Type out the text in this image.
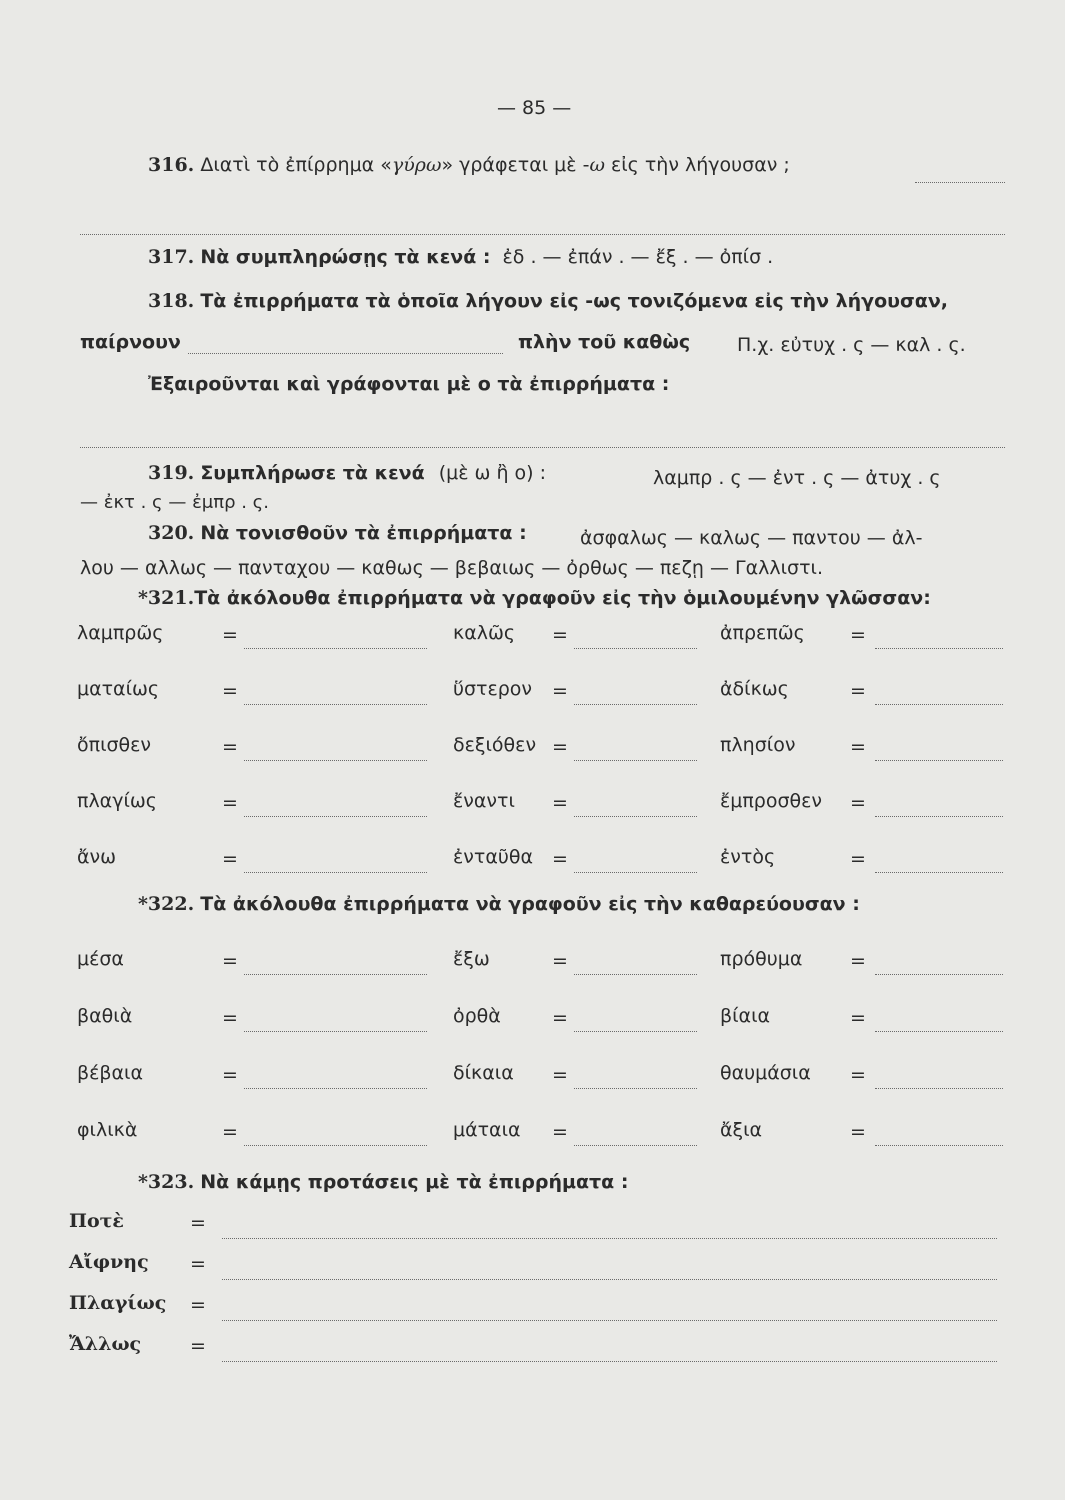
— 85 —
316. Διατὶ τὸ ἐπίρρημα «γύρω» γράφεται μὲ -ω εἰς τὴν λήγουσαν ;
317. Νὰ συμπληρώσῃς τὰ κενά : ἐδ . — ἐπάν . — ἔξ . — ὀπίσ .
318. Τὰ ἐπιρρήματα τὰ ὁποῖα λήγουν εἰς -ως τονιζόμενα εἰς τὴν λήγουσαν,
παίρνουν	πλὴν τοῦ καθὼς Π.χ. εὐτυχ . ς — καλ . ς.
Ἐξαιροῦνται καὶ γράφονται μὲ ο τὰ ἐπιρρήματα :
319. Συμπλήρωσε τὰ κενά (μὲ ω ἢ ο) :	λαμπρ . ς — ἐντ . ς — ἀτυχ . ς
— ἐκτ . ς — ἐμπρ . ς.
320. Νὰ τονισθοῦν τὰ ἐπιρρήματα :	ἀσφαλως — καλως — παντου — ἀλ-
λου — αλλως — πανταχου — καθως — βεβαιως — ὀρθως — πεζῃ — Γαλλιστι.
*321.Τὰ ἀκόλουθα ἐπιρρήματα νὰ γραφοῦν εἰς τὴν ὁμιλουμένην γλῶσσαν:
λαμπρῶς	=	καλῶς =	ἀπρεπῶς =
ματαίως	=	ὕστερον =	ἀδίκως	=
ὄπισθεν	=	δεξιόθεν =	πλησίον	=
πλαγίως	=	ἔναντι =	ἔμπροσθεν =
ἄνω	=	ἐνταῦθα =	ἐντὸς	=
*322. Τὰ ἀκόλουθα ἐπιρρήματα νὰ γραφοῦν εἰς τὴν καθαρεύουσαν :
μέσα	=	ἔξω	=	πρόθυμα	=
βαθιὰ	=	ὀρθὰ	=	βίαια	=
βέβαια	=	δίκαια =	θαυμάσια =
φιλικὰ	=	μάταια =	ἄξια	=
*323. Νὰ κάμῃς προτάσεις μὲ τὰ ἐπιρρήματα :
Ποτὲ	=
Αἴφνης =
Πλαγίως =
Ἄλλως	=
